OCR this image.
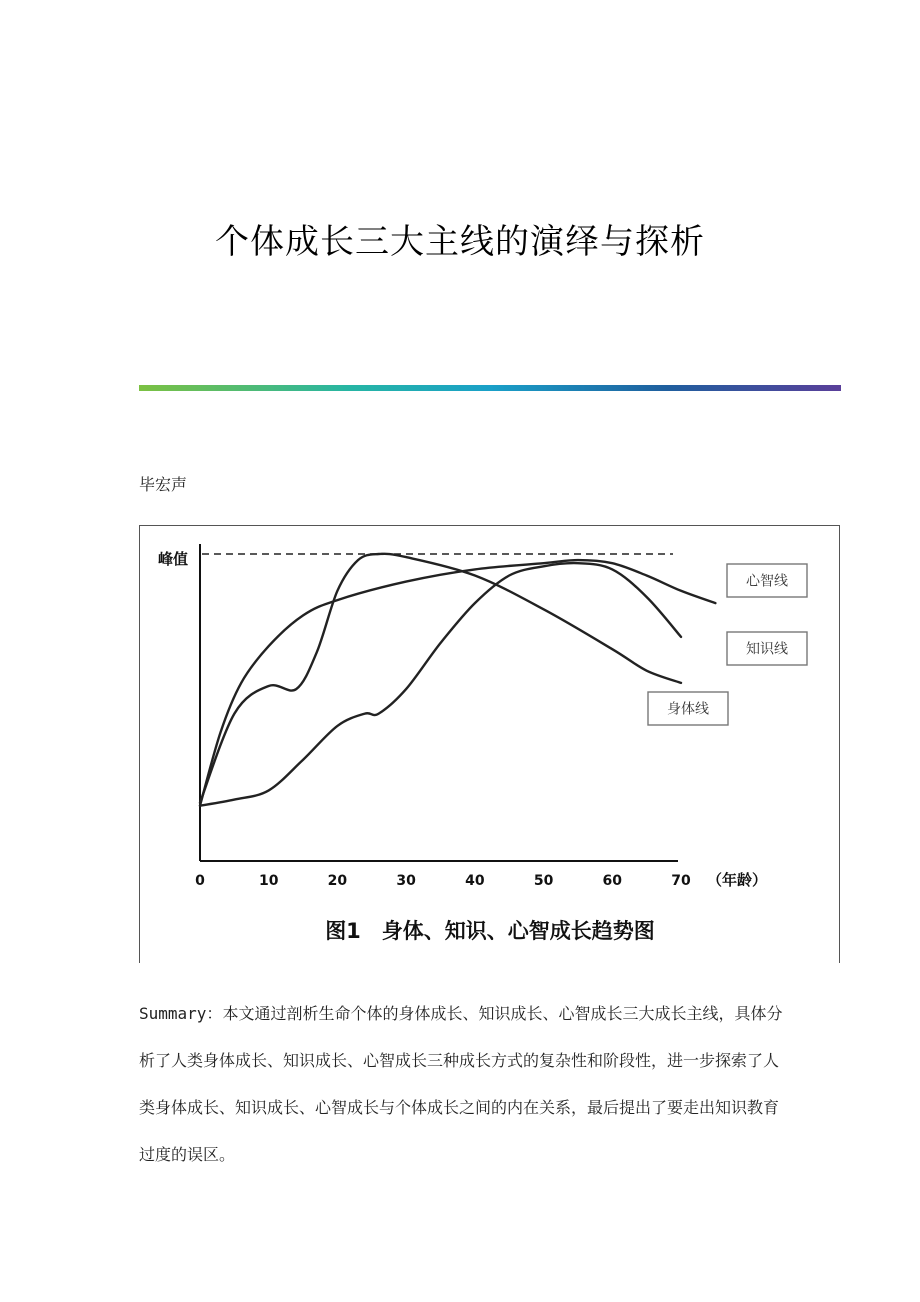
个体成长三大主线的演绎与探析
毕宏声
峰值
0	10	20	30	40	50	60	70 （年龄）
心智线
知识线
身体线
图1　身体、知识、心智成长趋势图
Summary：本文通过剖析生命个体的身体成长、知识成长、心智成长三大成长主线，具体分析了人类身体成长、知识成长、心智成长三种成长方式的复杂性和阶段性，进一步探索了人类身体成长、知识成长、心智成长与个体成长之间的内在关系，最后提出了要走出知识教育过度的误区。
